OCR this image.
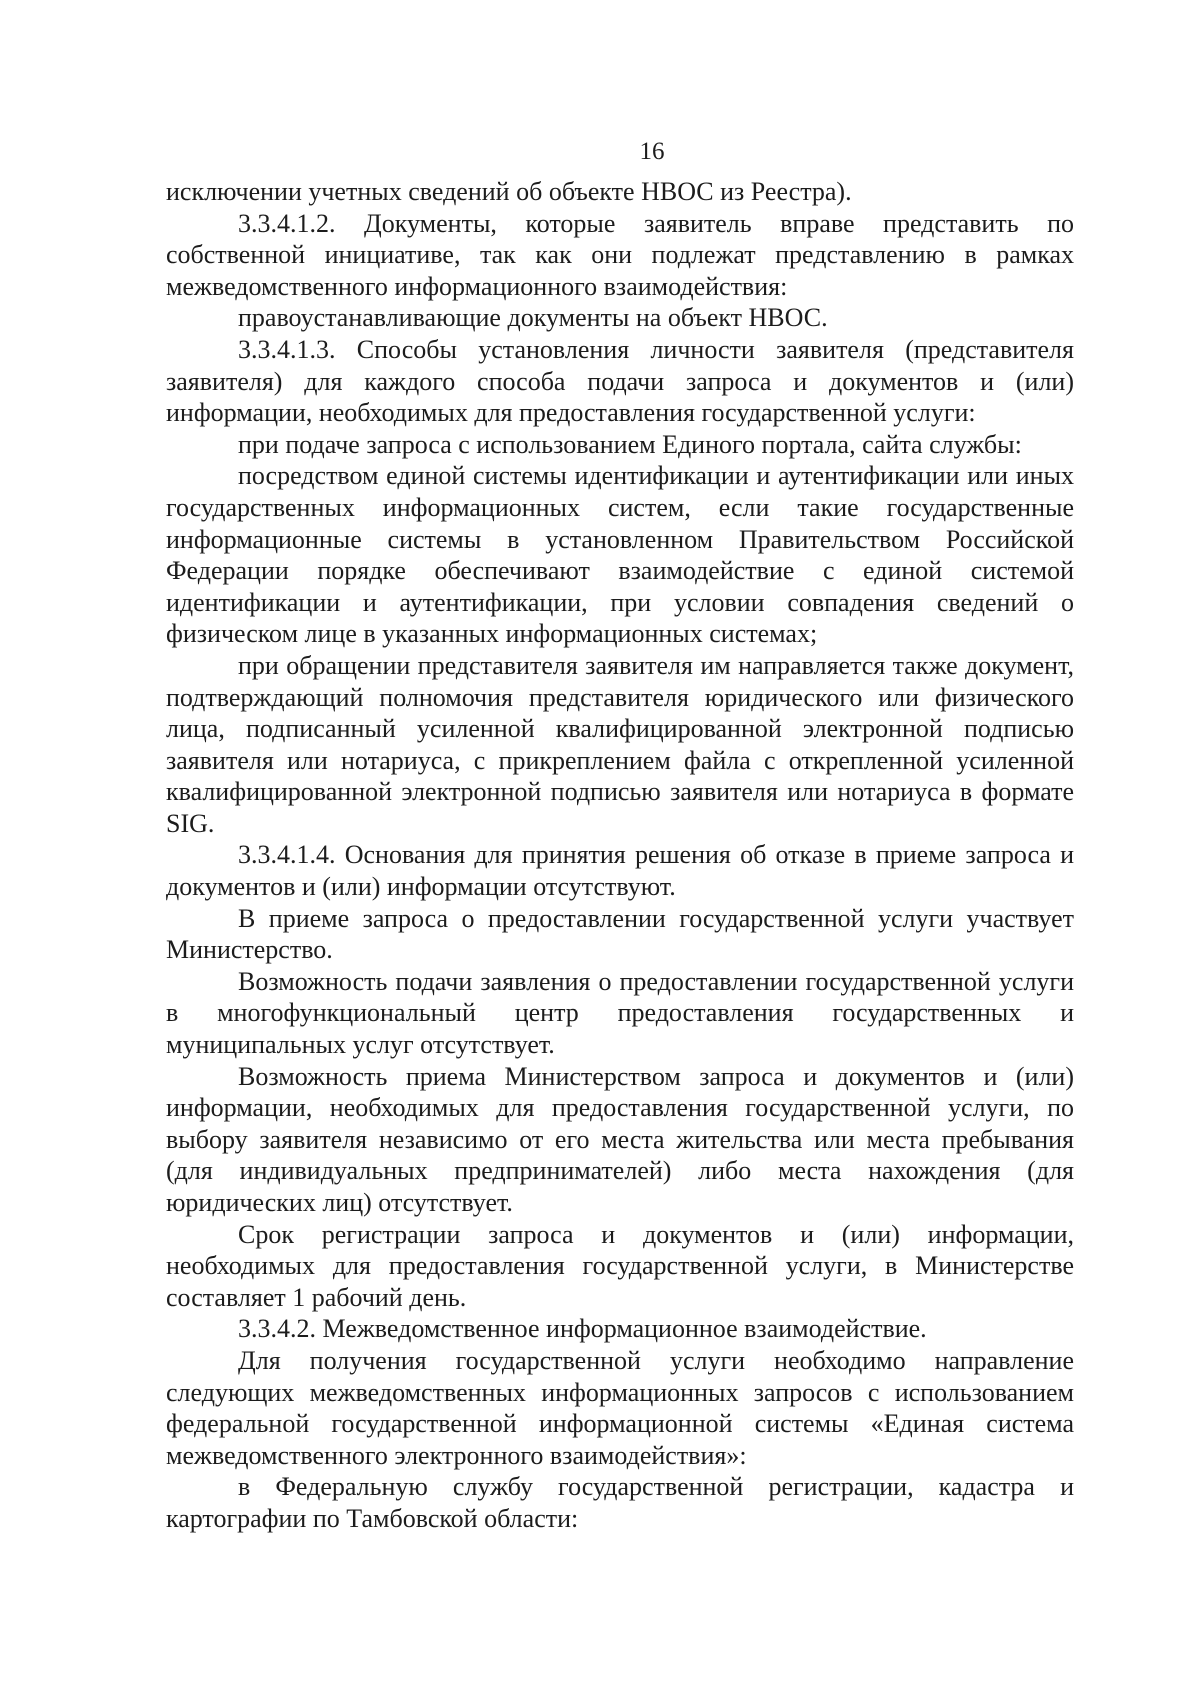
16

исключении учетных сведений об объекте НВОС из Реестра).

3.3.4.1.2. Документы, которые заявитель вправе представить по собственной инициативе, так как они подлежат представлению в рамках межведомственного информационного взаимодействия:

правоустанавливающие документы на объект НВОС.

3.3.4.1.3. Способы установления личности заявителя (представителя заявителя) для каждого способа подачи запроса и документов и (или) информации, необходимых для предоставления государственной услуги:

при подаче запроса с использованием Единого портала, сайта службы:

посредством единой системы идентификации и аутентификации или иных государственных информационных систем, если такие государственные информационные системы в установленном Правительством Российской Федерации порядке обеспечивают взаимодействие с единой системой идентификации и аутентификации, при условии совпадения сведений о физическом лице в указанных информационных системах;

при обращении представителя заявителя им направляется также документ, подтверждающий полномочия представителя юридического или физического лица, подписанный усиленной квалифицированной электронной подписью заявителя или нотариуса, с прикреплением файла с открепленной усиленной квалифицированной электронной подписью заявителя или нотариуса в формате SIG.

3.3.4.1.4. Основания для принятия решения об отказе в приеме запроса и документов и (или) информации отсутствуют.

В приеме запроса о предоставлении государственной услуги участвует Министерство.

Возможность подачи заявления о предоставлении государственной услуги в многофункциональный центр предоставления государственных и муниципальных услуг отсутствует.

Возможность приема Министерством запроса и документов и (или) информации, необходимых для предоставления государственной услуги, по выбору заявителя независимо от его места жительства или места пребывания (для индивидуальных предпринимателей) либо места нахождения (для юридических лиц) отсутствует.

Срок регистрации запроса и документов и (или) информации, необходимых для предоставления государственной услуги, в Министерстве составляет 1 рабочий день.

3.3.4.2. Межведомственное информационное взаимодействие.

Для получения государственной услуги необходимо направление следующих межведомственных информационных запросов с использованием федеральной государственной информационной системы «Единая система межведомственного электронного взаимодействия»:

в Федеральную службу государственной регистрации, кадастра и картографии по Тамбовской области:
